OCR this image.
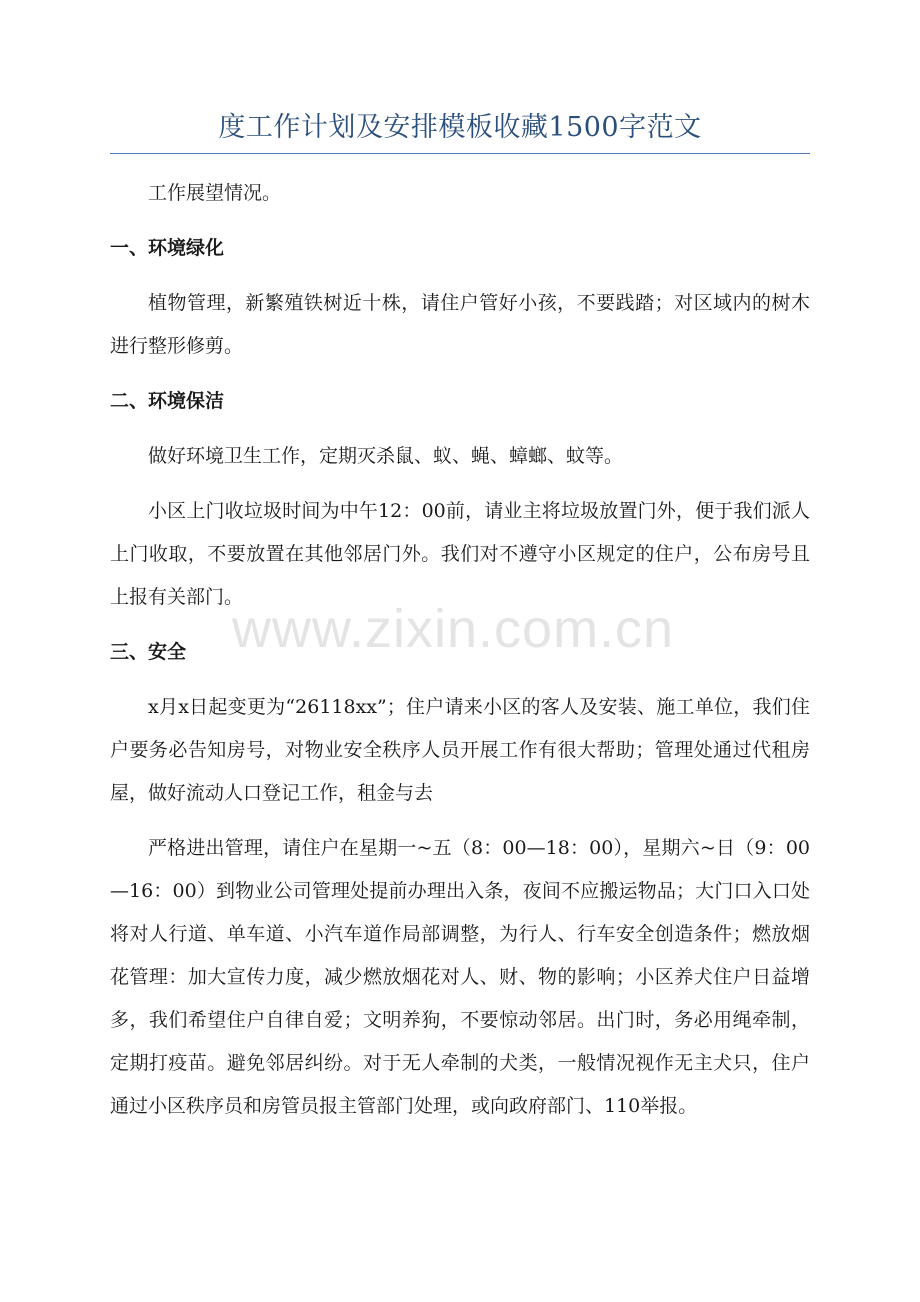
度工作计划及安排模板收藏1500字范文

工作展望情况。

一、环境绿化

植物管理，新繁殖铁树近十株，请住户管好小孩，不要践踏；对区域内的树木进行整形修剪。

二、环境保洁

做好环境卫生工作，定期灭杀鼠、蚁、蝇、蟑螂、蚊等。

小区上门收垃圾时间为中午12：00前，请业主将垃圾放置门外，便于我们派人上门收取，不要放置在其他邻居门外。我们对不遵守小区规定的住户，公布房号且上报有关部门。

三、安全

x月x日起变更为“26118xx”；住户请来小区的客人及安装、施工单位，我们住户要务必告知房号，对物业安全秩序人员开展工作有很大帮助；管理处通过代租房屋，做好流动人口登记工作，租金与去

严格进出管理，请住户在星期一~五（8：00—18：00），星期六~日（9：00—16：00）到物业公司管理处提前办理出入条，夜间不应搬运物品；大门口入口处将对人行道、单车道、小汽车道作局部调整，为行人、行车安全创造条件；燃放烟花管理：加大宣传力度，减少燃放烟花对人、财、物的影响；小区养犬住户日益增多，我们希望住户自律自爱；文明养狗，不要惊动邻居。出门时，务必用绳牵制，定期打疫苗。避免邻居纠纷。对于无人牵制的犬类，一般情况视作无主犬只，住户通过小区秩序员和房管员报主管部门处理，或向政府部门、110举报。

www.zixin.com.cn
